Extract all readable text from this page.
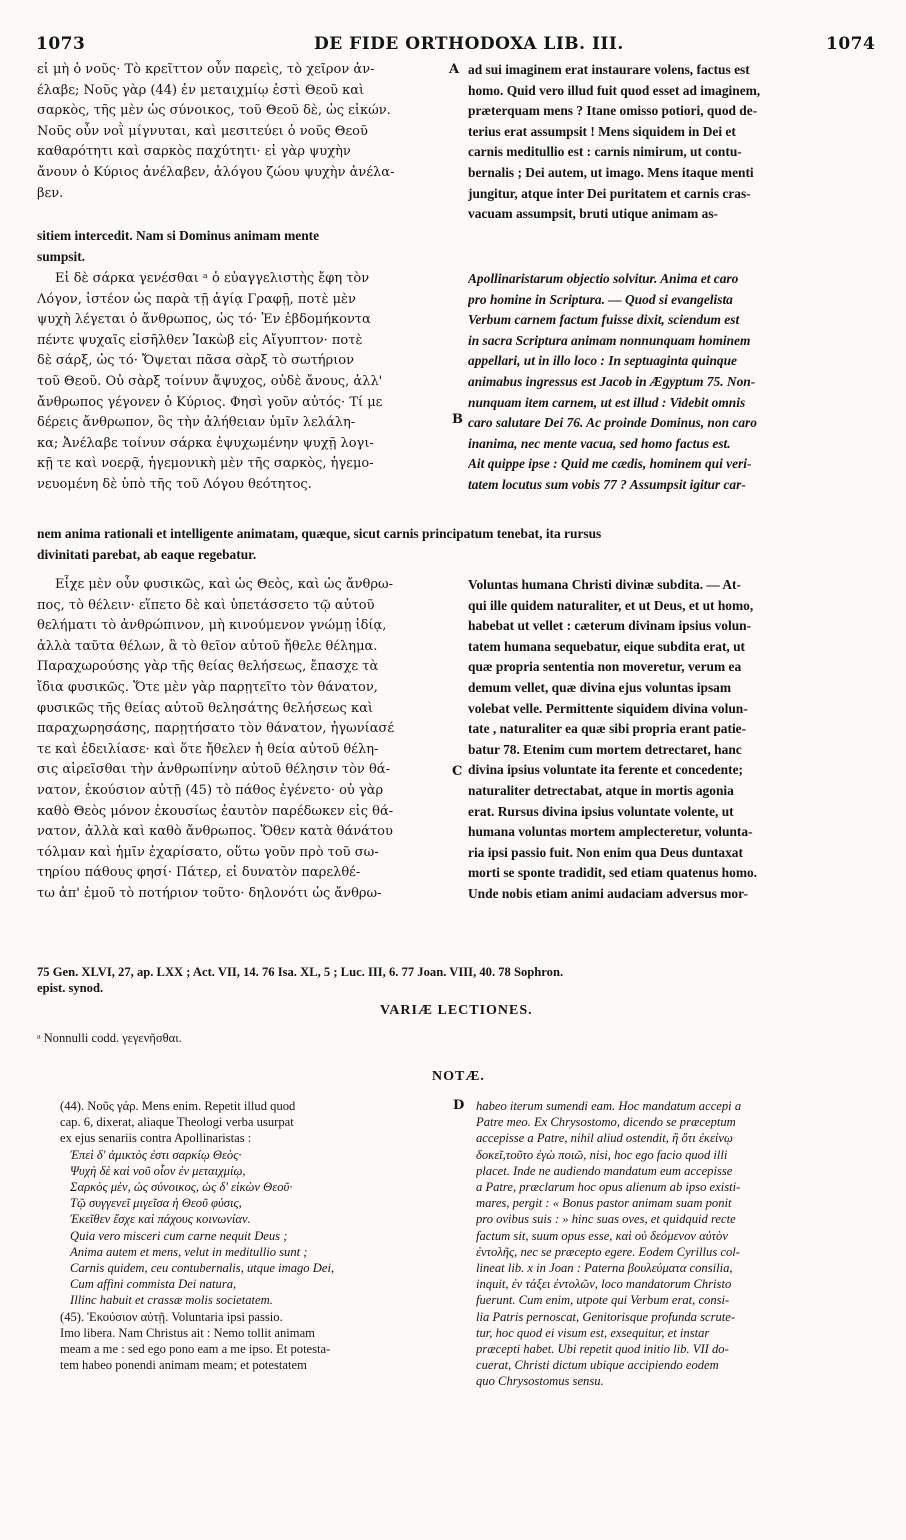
1073	DE FIDE ORTHODOXA LIB. III.	1074

εἰ μὴ ὁ νοῦς· Τὸ κρεῖττον οὖν παρεὶς, τὸ χεῖρον ἀν-

έλαβε; Νοῦς γὰρ (44) ἐν μεταιχμίῳ ἐστὶ Θεοῦ καὶ

σαρκὸς, τῆς μὲν ὡς σύνοικος, τοῦ Θεοῦ δὲ, ὡς εἰκών.

Νοῦς οὖν νοῒ μίγνυται, καὶ μεσιτεύει ὁ νοῦς Θεοῦ

καθαρότητι καὶ σαρκὸς παχύτητι· εἰ γὰρ ψυχὴν

ἄνουν ὁ Κύριος ἀνέλαβεν, ἀλόγου ζώου ψυχὴν ἀνέλα-

βεν.

ad sui imaginem erat instaurare volens, factus est

homo. Quid vero illud fuit quod esset ad imaginem,

præterquam mens ? Itane omisso potiori, quod de-

terius erat assumpsit ! Mens siquidem in Dei et

carnis meditullio est : carnis nimirum, ut contu-

bernalis ; Dei autem, ut imago. Mens itaque menti

jungitur, atque inter Dei puritatem et carnis cras-

vacuam assumpsit, bruti utique animam as-

sitiem intercedit. Nam si Dominus animam mente

sumpsit.

A
B
C
D

Εἰ δὲ σάρκα γενέσθαι ᵃ ὁ εὐαγγελιστὴς ἔφη τὸν

Λόγον, ἰστέον ὡς παρὰ τῇ ἁγίᾳ Γραφῇ, ποτὲ μὲν

ψυχὴ λέγεται ὁ ἄνθρωπος, ὡς τό· Ἐν ἑβδομήκοντα

πέντε ψυχαῖς εἰσῆλθεν Ἰακὼβ εἰς Αἴγυπτον· ποτὲ

δὲ σάρξ, ὡς τό· Ὄψεται πᾶσα σὰρξ τὸ σωτήριον

τοῦ Θεοῦ. Οὐ σὰρξ τοίνυν ἄψυχος, οὐδὲ ἄνους, ἀλλ'

ἄνθρωπος γέγονεν ὁ Κύριος. Φησὶ γοῦν αὐτός· Τί με

δέρεις ἄνθρωπον, ὃς τὴν ἀλήθειαν ὑμῖν λελάλη-

κα; Ἀνέλαβε τοίνυν σάρκα ἐψυχωμένην ψυχῇ λογι-

κῇ τε καὶ νοερᾷ, ἡγεμονικὴ μὲν τῆς σαρκὸς, ἡγεμο-

νευομένη δὲ ὑπὸ τῆς τοῦ Λόγου θεότητος.

Apollinaristarum objectio solvitur. Anima et caro

pro homine in Scriptura. — Quod si evangelista

Verbum carnem factum fuisse dixit, sciendum est

in sacra Scriptura animam nonnunquam hominem

appellari, ut in illo loco : In septuaginta quinque

animabus ingressus est Jacob in Ægyptum 75. Non-

nunquam item carnem, ut est illud : Videbit omnis

caro salutare Dei 76. Ac proinde Dominus, non caro

inanima, nec mente vacua, sed homo factus est.

Ait quippe ipse : Quid me cædis, hominem qui veri-

tatem locutus sum vobis 77 ? Assumpsit igitur car-

nem anima rationali et intelligente animatam, quæque, sicut carnis principatum tenebat, ita rursus

divinitati parebat, ab eaque regebatur.

Εἶχε μὲν οὖν φυσικῶς, καὶ ὡς Θεὸς, καὶ ὡς ἄνθρω-

πος, τὸ θέλειν· εἵπετο δὲ καὶ ὑπετάσσετο τῷ αὐτοῦ

θελήματι τὸ ἀνθρώπινον, μὴ κινούμενον γνώμῃ ἰδίᾳ,

ἀλλὰ ταῦτα θέλων, ἃ τὸ θεῖον αὐτοῦ ἤθελε θέλημα.

Παραχωρούσης γὰρ τῆς θείας θελήσεως, ἔπασχε τὰ

ἴδια φυσικῶς. Ὅτε μὲν γὰρ παρῃτεῖτο τὸν θάνατον,

φυσικῶς τῆς θείας αὐτοῦ θελησάτης θελήσεως καὶ

παραχωρησάσης, παρῃτήσατο τὸν θάνατον, ἠγωνίασέ

τε καὶ ἐδειλίασε· καὶ ὅτε ἤθελεν ἡ θεία αὐτοῦ θέλη-

σις αἱρεῖσθαι τὴν ἀνθρωπίνην αὐτοῦ θέλησιν τὸν θά-

νατον, ἑκούσιον αὐτῇ (45) τὸ πάθος ἐγένετο· οὐ γὰρ

καθὸ Θεὸς μόνον ἑκουσίως ἑαυτὸν παρέδωκεν εἰς θά-

νατον, ἀλλὰ καὶ καθὸ ἄνθρωπος. Ὅθεν κατὰ θάνάτου

τόλμαν καὶ ἡμῖν ἐχαρίσατο, οὕτω γοῦν πρὸ τοῦ σω-

τηρίου πάθους φησί· Πάτερ, εἰ δυνατὸν παρελθέ-

τω ἀπ' ἐμοῦ τὸ ποτήριον τοῦτο· δηλονότι ὡς ἄνθρω-

Voluntas humana Christi divinæ subdita. — At-

qui ille quidem naturaliter, et ut Deus, et ut homo,

habebat ut vellet : cæterum divinam ipsius volun-

tatem humana sequebatur, eique subdita erat, ut

quæ propria sententia non moveretur, verum ea

demum vellet, quæ divina ejus voluntas ipsam

volebat velle. Permittente siquidem divina volun-

tate , naturaliter ea quæ sibi propria erant patie-

batur 78. Etenim cum mortem detrectaret, hanc

divina ipsius voluntate ita ferente et concedente;

naturaliter detrectabat, atque in mortis agonia

erat. Rursus divina ipsius voluntate volente, ut

humana voluntas mortem amplecteretur, volunta-

ria ipsi passio fuit. Non enim qua Deus duntaxat

morti se sponte tradidit, sed etiam quatenus homo.

Unde nobis etiam animi audaciam adversus mor-

75 Gen. XLVI, 27, ap. LXX ; Act. VII, 14. 76 Isa. XL, 5 ; Luc. III, 6. 77 Joan. VIII, 40. 78 Sophron.

epist. synod.

VARIÆ LECTIONES.
ᵃ Nonnulli codd. γεγενῆσθαι.
NOTÆ.

(44). Νοῦς γάρ. Mens enim. Repetit illud quod

cap. 6, dixerat, aliaque Theologi verba usurpat

ex ejus senariis contra Apollinaristas :

Ἐπεὶ δ' ἀμικτὸς ἐστι σαρκίῳ Θεὸς·

Ψυχὴ δὲ καὶ νοῦ οἷον ἐν μεταιχμίῳ,

Σαρκὸς μὲν, ὡς σύνοικος, ὡς δ' εἰκὼν Θεοῦ·

Τῷ συγγενεῖ μιγεῖσα ἡ Θεοῦ φύσις,

Ἐκεῖθεν ἔσχε καὶ πάχους κοινωνίαν.

Quia vero misceri cum carne nequit Deus ;

Anima autem et mens, velut in meditullio sunt ;

Carnis quidem, ceu contubernalis, utque imago Dei,

Cum affini commista Dei natura,

Illinc habuit et crassæ molis societatem.

(45). Ἑκούσιον αὐτῇ. Voluntaria ipsi passio.

Imo libera. Nam Christus ait : Nemo tollit animam

meam a me : sed ego pono eam a me ipso. Et potesta-

tem habeo ponendi animam meam; et potestatem

habeo iterum sumendi eam. Hoc mandatum accepi a

Patre meo. Ex Chrysostomo, dicendo se præceptum

accepisse a Patre, nihil aliud ostendit, ἢ ὅτι ἐκείνῳ

δοκεῖ,τοῦτο ἐγὼ ποιῶ, nisi, hoc ego facio quod illi

placet. Inde ne audiendo mandatum eum accepisse

a Patre, præclarum hoc opus alienum ab ipso existi-

mares, pergit : « Bonus pastor animam suam ponit

pro ovibus suis : » hinc suas oves, et quidquid recte

factum sit, suum opus esse, καὶ οὐ δεόμενον αὐτὸν

ἐντολῆς, nec se præcepto egere. Eodem Cyrillus col-

lineat lib. x in Joan : Paterna βουλεύματα consilia,

inquit, ἐν τάξει ἐντολῶν, loco mandatorum Christo

fuerunt. Cum enim, utpote qui Verbum erat, consi-

lia Patris pernoscat, Genitorisque profunda scrute-

tur, hoc quod ei visum est, exsequitur, et instar

præcepti habet. Ubi repetit quod initio lib. VII do-

cuerat, Christi dictum ubique accipiendo eodem

quo Chrysostomus sensu.
